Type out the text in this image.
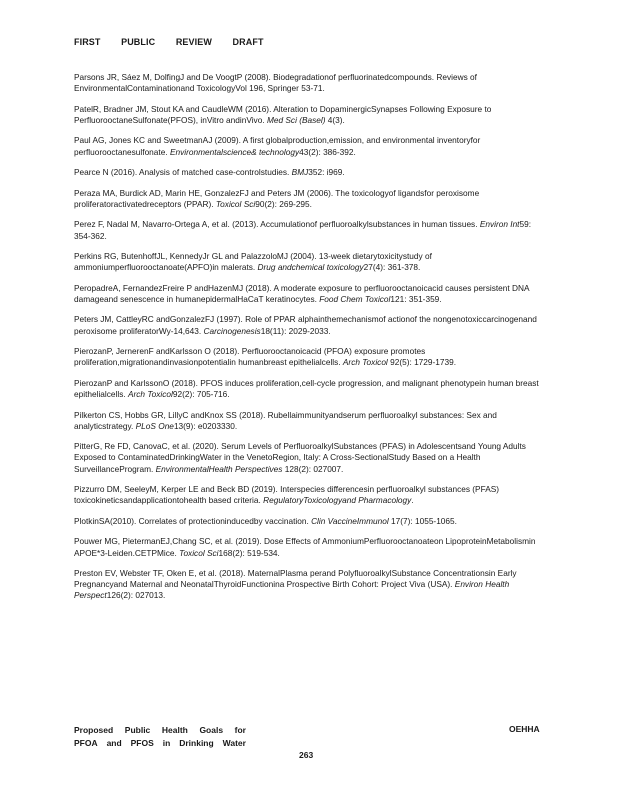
FIRST PUBLIC REVIEW DRAFT

Parsons JR, Sáez M, DolfingJ and De VoogtP (2008). Biodegradationof perfluorinatedcompounds. Reviews of EnvironmentalContaminationand ToxicologyVol 196, Springer 53-71.

PatelR, Bradner JM, Stout KA and CaudleWM (2016). Alteration to DopaminergicSynapses Following Exposure to PerfluorooctaneSulfonate(PFOS), inVitro andinVivo. Med Sci (Basel) 4(3).

Paul AG, Jones KC and SweetmanAJ (2009). A first globalproduction,emission, and environmental inventoryfor perfluorooctanesulfonate. Environmentalscience& technology43(2): 386-392.

Pearce N (2016). Analysis of matched case-controlstudies. BMJ352: i969.

Peraza MA, Burdick AD, Marin HE, GonzalezFJ and Peters JM (2006). The toxicologyof ligandsfor peroxisome proliferatoractivatedreceptors (PPAR). Toxicol Sci90(2): 269-295.

Perez F, Nadal M, Navarro-Ortega A, et al. (2013). Accumulationof perfluoroalkylsubstances in human tissues. Environ Int59: 354-362.

Perkins RG, ButenhoffJL, KennedyJr GL and PalazzoloMJ (2004). 13-week dietarytoxicitystudy of ammoniumperfluorooctanoate(APFO)in malerats. Drug andchemical toxicology27(4): 361-378.

PeropadreA, FernandezFreire P andHazenMJ (2018). A moderate exposure to perfluorooctanoicacid causes persistent DNA damageand senescence in humanepidermalHaCaT keratinocytes. Food Chem Toxicol121: 351-359.

Peters JM, CattleyRC andGonzalezFJ (1997). Role of PPAR alphainthemechanismof actionof the nongenotoxiccarcinogenand peroxisome proliferatorWy-14,643. Carcinogenesis18(11): 2029-2033.

PierozanP, JernerenF andKarlsson O (2018). Perfluorooctanoicacid (PFOA) exposure promotes proliferation,migrationandinvasionpotentialin humanbreast epithelialcells. Arch Toxicol 92(5): 1729-1739.

PierozanP and KarlssonO (2018). PFOS induces proliferation,cell-cycle progression, and malignant phenotypein human breast epithelialcells. Arch Toxicol92(2): 705-716.

Pilkerton CS, Hobbs GR, LillyC andKnox SS (2018). Rubellaimmunityandserum perfluoroalkyl substances: Sex and analyticstrategy. PLoS One13(9): e0203330.

PitterG, Re FD, CanovaC, et al. (2020). Serum Levels of PerfluoroalkylSubstances (PFAS) in Adolescentsand Young Adults Exposed to ContaminatedDrinkingWater in the VenetoRegion, Italy: A Cross-SectionalStudy Based on a Health SurveillanceProgram. EnvironmentalHealth Perspectives 128(2): 027007.

Pizzurro DM, SeeleyM, Kerper LE and Beck BD (2019). Interspecies differencesin perfluoroalkyl substances (PFAS) toxicokineticsandapplicationtohealth based criteria. RegulatoryToxicologyand Pharmacology.

PlotkinSA(2010). Correlates of protectioninducedby vaccination. Clin VaccineImmunol 17(7): 1055-1065.

Pouwer MG, PietermanEJ,Chang SC, et al. (2019). Dose Effects of AmmoniumPerfluorooctanoateon LipoproteinMetabolismin APOE*3-Leiden.CETPMice. Toxicol Sci168(2): 519-534.

Preston EV, Webster TF, Oken E, et al. (2018). MaternalPlasma perand PolyfluoroalkylSubstance Concentrationsin Early Pregnancyand Maternal and NeonatalThyroidFunctionina Prospective Birth Cohort: Project Viva (USA). Environ Health Perspect126(2): 027013.

Proposed Public Health Goals for
PFOA and PFOS in Drinking Water
OEHHA
263
